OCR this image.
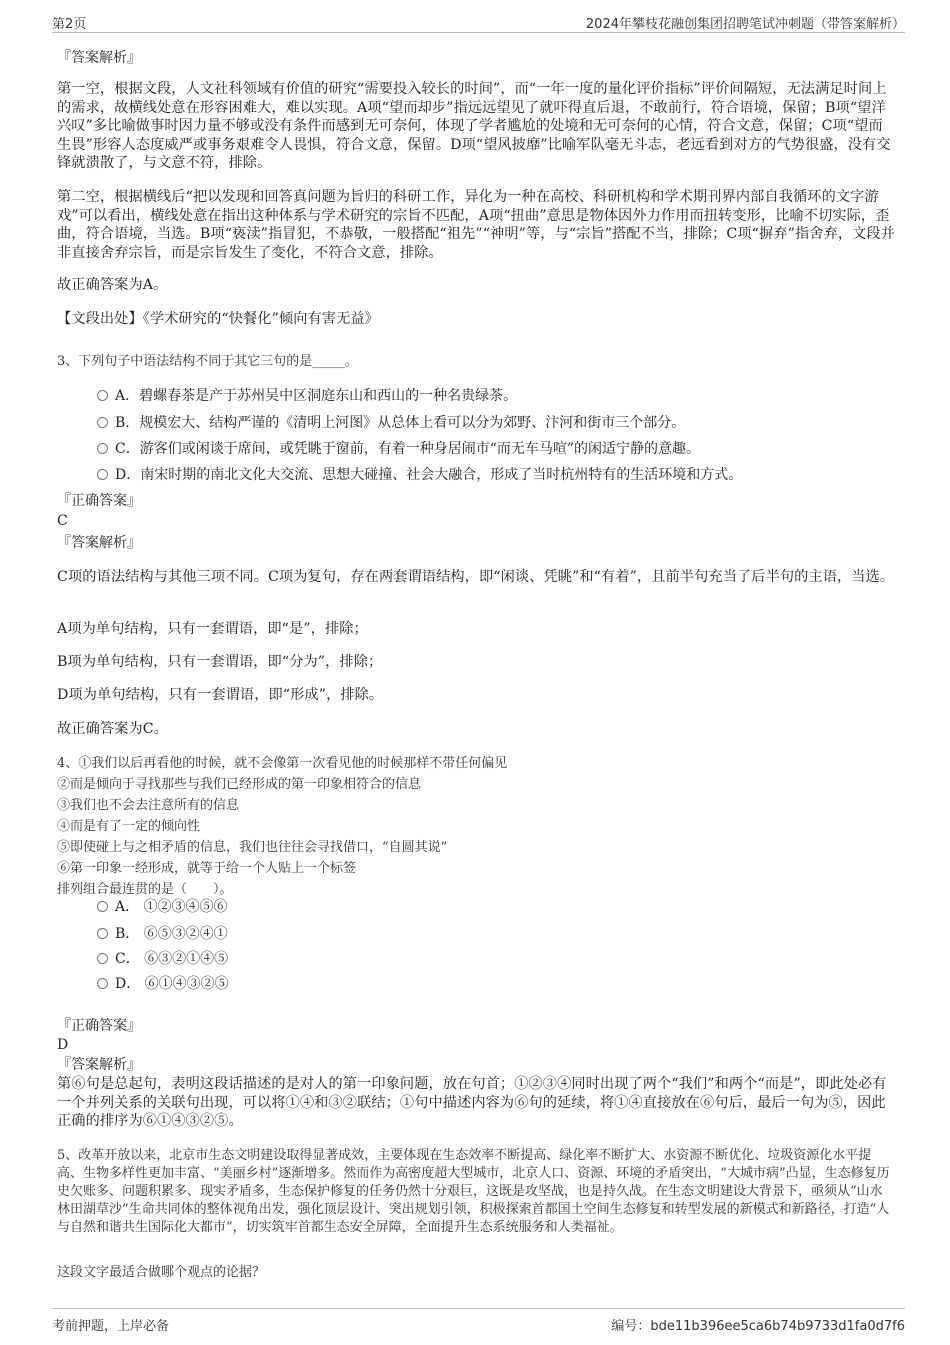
第2页	2024年攀枝花融创集团招聘笔试冲刺题（带答案解析）

『答案解析』

第一空，根据文段，人文社科领域有价值的研究“需要投入较长的时间”，而“一年一度的量化评价指标”评价间隔短，无法满足时间上的需求，故横线处意在形容困难大，难以实现。A项“望而却步”指远远望见了就吓得直后退，不敢前行，符合语境，保留；B项“望洋兴叹”多比喻做事时因力量不够或没有条件而感到无可奈何，体现了学者尴尬的处境和无可奈何的心情，符合文意，保留；C项“望而生畏”形容人态度威严或事务艰难令人畏惧，符合文意，保留。D项“望风披靡”比喻军队毫无斗志，老远看到对方的气势很盛，没有交锋就溃散了，与文意不符，排除。

第二空，根据横线后“把以发现和回答真问题为旨归的科研工作，异化为一种在高校、科研机构和学术期刊界内部自我循环的文字游戏”可以看出，横线处意在指出这种体系与学术研究的宗旨不匹配，A项“扭曲”意思是物体因外力作用而扭转变形，比喻不切实际，歪曲，符合语境，当选。B项“亵渎”指冒犯，不恭敬，一般搭配“祖先”“神明”等，与“宗旨”搭配不当，排除；C项“摒弃”指舍弃，文段并非直接舍弃宗旨，而是宗旨发生了变化，不符合文意，排除。

故正确答案为A。

【文段出处】《学术研究的“快餐化”倾向有害无益》

3、下列句子中语法结构不同于其它三句的是_____。

A．碧螺春茶是产于苏州吴中区洞庭东山和西山的一种名贵绿茶。
B．规模宏大、结构严谨的《清明上河图》从总体上看可以分为郊野、汴河和街市三个部分。
C．游客们或闲谈于席间，或凭眺于窗前，有着一种身居闹市“而无车马喧”的闲适宁静的意趣。
D．南宋时期的南北文化大交流、思想大碰撞、社会大融合，形成了当时杭州特有的生活环境和方式。

『正确答案』

C

『答案解析』

C项的语法结构与其他三项不同。C项为复句，存在两套谓语结构，即“闲谈、凭眺”和“有着”，且前半句充当了后半句的主语，当选。

A项为单句结构，只有一套谓语，即“是”，排除；

B项为单句结构，只有一套谓语，即“分为”，排除；

D项为单句结构，只有一套谓语，即“形成”，排除。

故正确答案为C。

4、①我们以后再看他的时候，就不会像第一次看见他的时候那样不带任何偏见

②而是倾向于寻找那些与我们已经形成的第一印象相符合的信息

③我们也不会去注意所有的信息

④而是有了一定的倾向性

⑤即使碰上与之相矛盾的信息，我们也往往会寻找借口，“自圆其说”

⑥第一印象一经形成，就等于给一个人贴上一个标签

排列组合最连贯的是（　　）。

A． ①②③④⑤⑥
B． ⑥⑤③②④①
C． ⑥③②①④⑤
D． ⑥①④③②⑤

『正确答案』

D

『答案解析』

第⑥句是总起句，表明这段话描述的是对人的第一印象问题，放在句首；①②③④同时出现了两个“我们”和两个“而是”，即此处必有一个并列关系的关联句出现，可以将①④和③②联结；①句中描述内容为⑥句的延续，将①④直接放在⑥句后，最后一句为⑤，因此正确的排序为⑥①④③②⑤。

5、改革开放以来，北京市生态文明建设取得显著成效，主要体现在生态效率不断提高、绿化率不断扩大、水资源不断优化、垃圾资源化水平提高、生物多样性更加丰富、“美丽乡村”逐渐增多。然而作为高密度超大型城市，北京人口、资源、环境的矛盾突出，“大城市病”凸显，生态修复历史欠账多、问题积累多、现实矛盾多，生态保护修复的任务仍然十分艰巨，这既是攻坚战，也是持久战。在生态文明建设大背景下，亟须从“山水林田湖草沙”生命共同体的整体视角出发，强化顶层设计、突出规划引领，积极探索首都国土空间生态修复和转型发展的新模式和新路径，打造“人与自然和谐共生国际化大都市”，切实筑牢首都生态安全屏障，全面提升生态系统服务和人类福祉。

这段文字最适合做哪个观点的论据？

考前押题，上岸必备	编号：bde11b396ee5ca6b74b9733d1fa0d7f6
